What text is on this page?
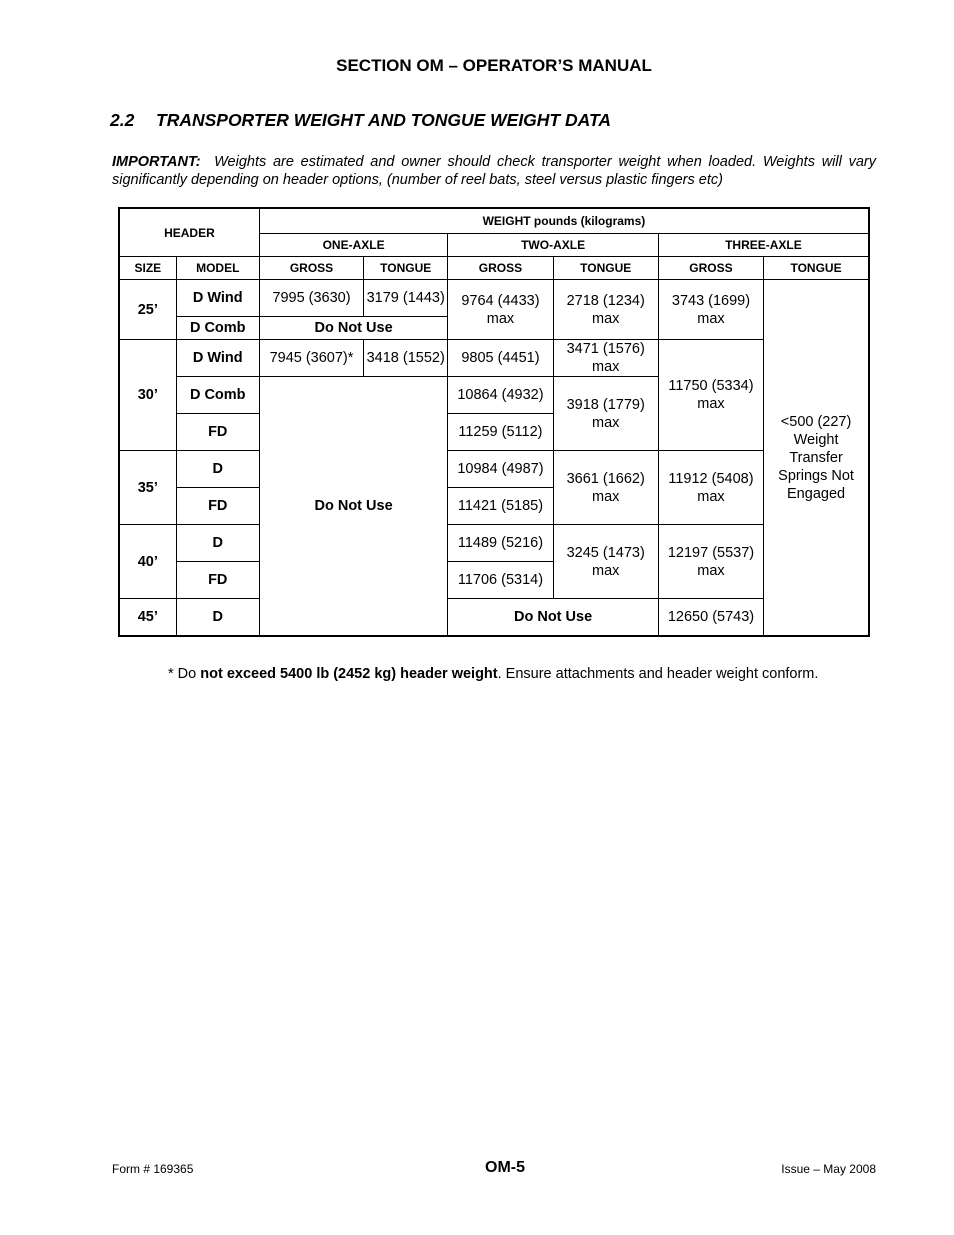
SECTION OM – OPERATOR’S MANUAL
2.2 TRANSPORTER WEIGHT AND TONGUE WEIGHT DATA
IMPORTANT: Weights are estimated and owner should check transporter weight when loaded. Weights will vary significantly depending on header options, (number of reel bats, steel versus plastic fingers etc)
HEADER		WEIGHT pounds (kilograms)					
		ONE-AXLE		TWO-AXLE		THREE-AXLE	
SIZE	MODEL	GROSS	TONGUE	GROSS	TONGUE	GROSS	TONGUE
25’	D Wind	7995 (3630)	3179 (1443)	9764 (4433) max	2718 (1234) max	3743 (1699) max	<500 (227) Weight Transfer Springs Not Engaged
	D Comb	Do Not Use					
30’	D Wind	7945 (3607)*	3418 (1552)	9805 (4451)	3471 (1576) max	11750 (5334) max	
	D Comb	Do Not Use		10864 (4932)	3918 (1779) max		
	FD			11259 (5112)			
35’	D			10984 (4987)	3661 (1662) max	11912 (5408) max	
	FD			11421 (5185)			
40’	D			11489 (5216)	3245 (1473) max	12197 (5537) max	
	FD			11706 (5314)			
45’	D			Do Not Use		12650 (5743)	
* Do not exceed 5400 lb (2452 kg) header weight. Ensure attachments and header weight conform.
Form # 169365	OM-5	Issue – May 2008
